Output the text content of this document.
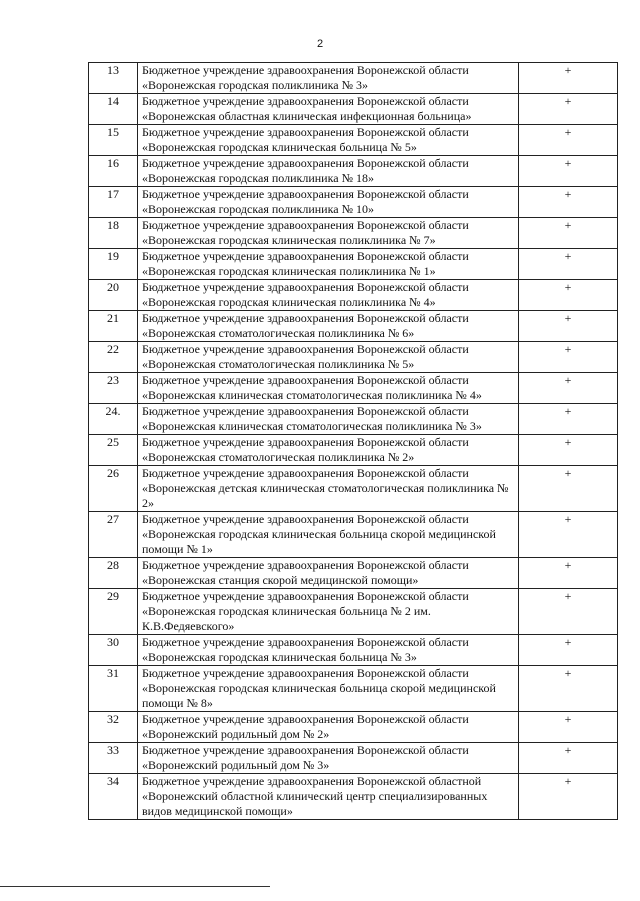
2
13	Бюджетное учреждение здравоохранения Воронежской области «Воронежская городская поликлиника № 3»	+
14	Бюджетное учреждение здравоохранения Воронежской области «Воронежская областная клиническая инфекционная больница»	+
15	Бюджетное учреждение здравоохранения Воронежской области «Воронежская городская клиническая больница № 5»	+
16	Бюджетное учреждение здравоохранения Воронежской области «Воронежская городская поликлиника № 18»	+
17	Бюджетное учреждение здравоохранения Воронежской области «Воронежская городская поликлиника № 10»	+
18	Бюджетное учреждение здравоохранения Воронежской области «Воронежская городская клиническая поликлиника № 7»	+
19	Бюджетное учреждение здравоохранения Воронежской области «Воронежская городская клиническая поликлиника № 1»	+
20	Бюджетное учреждение здравоохранения Воронежской области «Воронежская городская клиническая поликлиника № 4»	+
21	Бюджетное учреждение здравоохранения Воронежской области «Воронежская стоматологическая поликлиника № 6»	+
22	Бюджетное учреждение здравоохранения Воронежской области «Воронежская стоматологическая поликлиника № 5»	+
23	Бюджетное учреждение здравоохранения Воронежской области «Воронежская клиническая стоматологическая поликлиника № 4»	+
24.	Бюджетное учреждение здравоохранения Воронежской области «Воронежская клиническая стоматологическая поликлиника № 3»	+
25	Бюджетное учреждение здравоохранения Воронежской области «Воронежская стоматологическая поликлиника № 2»	+
26	Бюджетное учреждение здравоохранения Воронежской области «Воронежская детская клиническая стоматологическая поликлиника № 2»	+
27	Бюджетное учреждение здравоохранения Воронежской области «Воронежская городская клиническая больница скорой медицинской помощи № 1»	+
28	Бюджетное учреждение здравоохранения Воронежской области «Воронежская станция скорой медицинской помощи»	+
29	Бюджетное учреждение здравоохранения Воронежской области «Воронежская городская клиническая больница № 2 им. К.В.Федяевского»	+
30	Бюджетное учреждение здравоохранения Воронежской области «Воронежская городская клиническая больница № 3»	+
31	Бюджетное учреждение здравоохранения Воронежской области «Воронежская городская клиническая больница скорой медицинской помощи № 8»	+
32	Бюджетное учреждение здравоохранения Воронежской области «Воронежский родильный дом № 2»	+
33	Бюджетное учреждение здравоохранения Воронежской области «Воронежский родильный дом № 3»	+
34	Бюджетное учреждение здравоохранения Воронежской областной «Воронежский областной клинический центр специализированных видов медицинской помощи»	+
